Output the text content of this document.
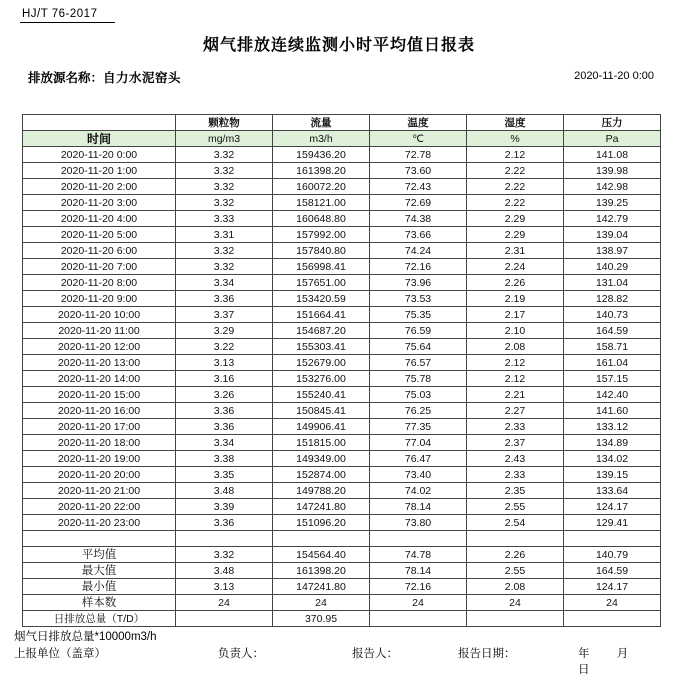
HJ/T 76-2017
烟气排放连续监测小时平均值日报表
排放源名称： 自力水泥窑头	2020-11-20 0:00
	颗粒物	流量	温度	湿度	压力
时间	mg/m3	m3/h	℃	%	Pa
2020-11-20 0:00	3.32	159436.20	72.78	2.12	141.08
2020-11-20 1:00	3.32	161398.20	73.60	2.22	139.98
2020-11-20 2:00	3.32	160072.20	72.43	2.22	142.98
2020-11-20 3:00	3.32	158121.00	72.69	2.22	139.25
2020-11-20 4:00	3.33	160648.80	74.38	2.29	142.79
2020-11-20 5:00	3.31	157992.00	73.66	2.29	139.04
2020-11-20 6:00	3.32	157840.80	74.24	2.31	138.97
2020-11-20 7:00	3.32	156998.41	72.16	2.24	140.29
2020-11-20 8:00	3.34	157651.00	73.96	2.26	131.04
2020-11-20 9:00	3.36	153420.59	73.53	2.19	128.82
2020-11-20 10:00	3.37	151664.41	75.35	2.17	140.73
2020-11-20 11:00	3.29	154687.20	76.59	2.10	164.59
2020-11-20 12:00	3.22	155303.41	75.64	2.08	158.71
2020-11-20 13:00	3.13	152679.00	76.57	2.12	161.04
2020-11-20 14:00	3.16	153276.00	75.78	2.12	157.15
2020-11-20 15:00	3.26	155240.41	75.03	2.21	142.40
2020-11-20 16:00	3.36	150845.41	76.25	2.27	141.60
2020-11-20 17:00	3.36	149906.41	77.35	2.33	133.12
2020-11-20 18:00	3.34	151815.00	77.04	2.37	134.89
2020-11-20 19:00	3.38	149349.00	76.47	2.43	134.02
2020-11-20 20:00	3.35	152874.00	73.40	2.33	139.15
2020-11-20 21:00	3.48	149788.20	74.02	2.35	133.64
2020-11-20 22:00	3.39	147241.80	78.14	2.55	124.17
2020-11-20 23:00	3.36	151096.20	73.80	2.54	129.41

平均值	3.32	154564.40	74.78	2.26	140.79
最大值	3.48	161398.20	78.14	2.55	164.59
最小值	3.13	147241.80	72.16	2.08	124.17
样本数	24	24	24	24	24
日排放总量（T/D）		370.95			
烟气日排放总量*10000m3/h
上报单位（盖章）	负责人：	报告人：	报告日期：	年 月 日
